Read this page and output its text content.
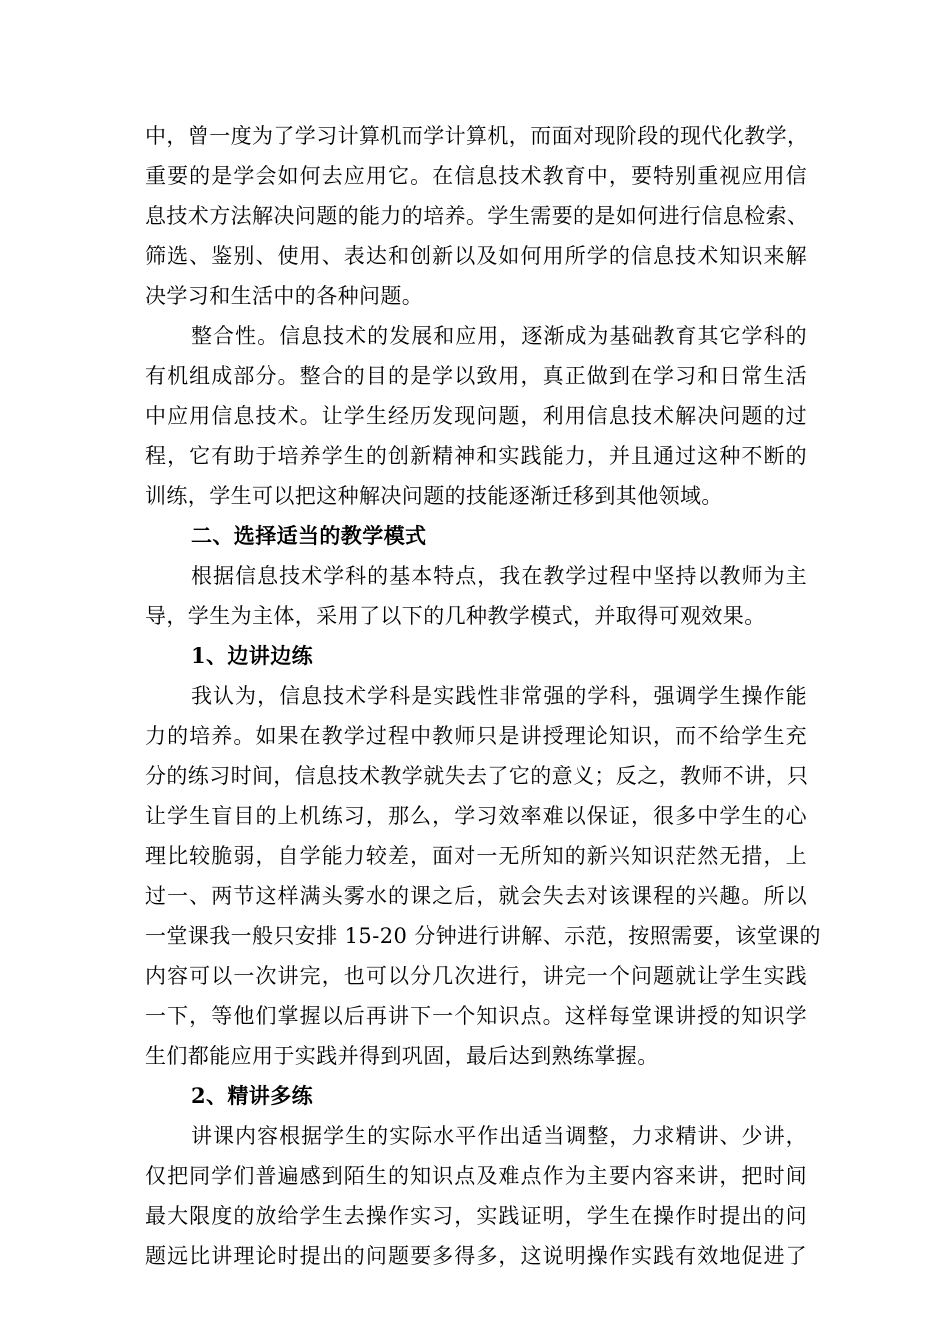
中，曾一度为了学习计算机而学计算机，而面对现阶段的现代化教学，
重要的是学会如何去应用它。在信息技术教育中，要特别重视应用信
息技术方法解决问题的能力的培养。学生需要的是如何进行信息检索、
筛选、鉴别、使用、表达和创新以及如何用所学的信息技术知识来解
决学习和生活中的各种问题。
整合性。信息技术的发展和应用，逐渐成为基础教育其它学科的
有机组成部分。整合的目的是学以致用，真正做到在学习和日常生活
中应用信息技术。让学生经历发现问题，利用信息技术解决问题的过
程，它有助于培养学生的创新精神和实践能力，并且通过这种不断的
训练，学生可以把这种解决问题的技能逐渐迁移到其他领域。
二、选择适当的教学模式
根据信息技术学科的基本特点，我在教学过程中坚持以教师为主
导，学生为主体，采用了以下的几种教学模式，并取得可观效果。
1、边讲边练
我认为，信息技术学科是实践性非常强的学科，强调学生操作能
力的培养。如果在教学过程中教师只是讲授理论知识，而不给学生充
分的练习时间，信息技术教学就失去了它的意义；反之，教师不讲，只
让学生盲目的上机练习，那么，学习效率难以保证，很多中学生的心
理比较脆弱，自学能力较差，面对一无所知的新兴知识茫然无措，上
过一、两节这样满头雾水的课之后，就会失去对该课程的兴趣。所以
一堂课我一般只安排 15-20 分钟进行讲解、示范，按照需要，该堂课的
内容可以一次讲完，也可以分几次进行，讲完一个问题就让学生实践
一下，等他们掌握以后再讲下一个知识点。这样每堂课讲授的知识学
生们都能应用于实践并得到巩固，最后达到熟练掌握。
2、精讲多练
讲课内容根据学生的实际水平作出适当调整，力求精讲、少讲，
仅把同学们普遍感到陌生的知识点及难点作为主要内容来讲，把时间
最大限度的放给学生去操作实习，实践证明，学生在操作时提出的问
题远比讲理论时提出的问题要多得多，这说明操作实践有效地促进了
